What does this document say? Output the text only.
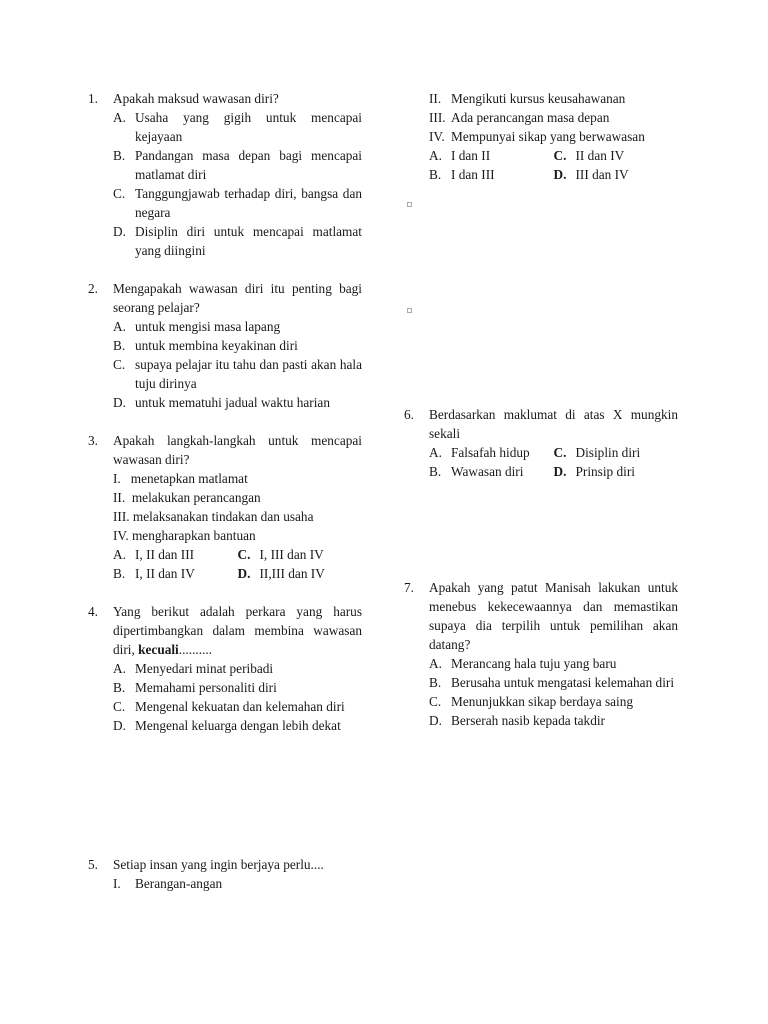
1. Apakah maksud wawasan diri?
A. Usaha yang gigih untuk mencapai kejayaan
B. Pandangan masa depan bagi mencapai matlamat diri
C. Tanggungjawab terhadap diri, bangsa dan negara
D. Disiplin diri untuk mencapai matlamat yang diingini
2. Mengapakah wawasan diri itu penting bagi seorang pelajar?
A. untuk mengisi masa lapang
B. untuk membina keyakinan diri
C. supaya pelajar itu tahu dan pasti akan hala tuju dirinya
D. untuk mematuhi jadual waktu harian
3. Apakah langkah-langkah untuk mencapai wawasan diri?
I.   menetapkan matlamat
II.  melakukan perancangan
III. melaksanakan tindakan dan usaha
IV. mengharapkan bantuan
A. I, II dan III	C. I, III dan IV
B. I, II dan IV	D. II,III dan IV
4. Yang berikut adalah perkara yang harus dipertimbangkan dalam membina wawasan diri, kecuali..........
A. Menyedari minat peribadi
B. Memahami personaliti diri
C. Mengenal kekuatan dan kelemahan diri
D. Mengenal keluarga dengan lebih dekat
5. Setiap insan yang ingin berjaya perlu....
I. Berangan-angan
II. Mengikuti kursus keusahawanan
III. Ada perancangan masa depan
IV. Mempunyai sikap yang berwawasan
A. I dan II	C. II dan IV
B. I dan III	D. III dan IV
6. Berdasarkan maklumat di atas X mungkin sekali
A. Falsafah hidup	C. Disiplin diri
B. Wawasan diri	D. Prinsip diri
7. Apakah yang patut Manisah lakukan untuk menebus kekecewaannya dan memastikan supaya dia terpilih untuk pemilihan akan datang?
A. Merancang hala tuju yang baru
B. Berusaha untuk mengatasi kelemahan diri
C. Menunjukkan sikap berdaya saing
D. Berserah nasib kepada takdir
